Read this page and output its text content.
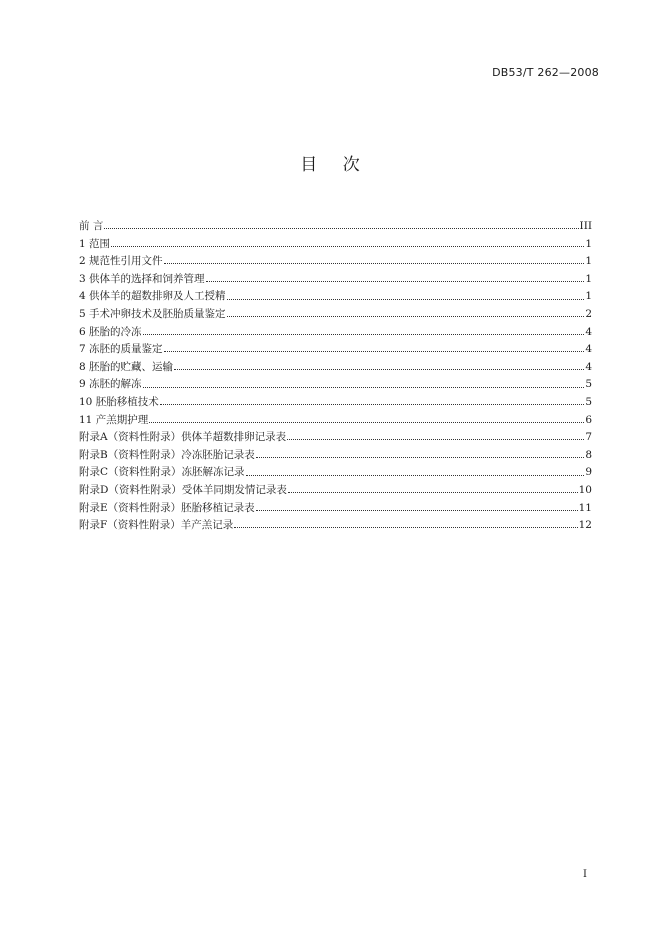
DB53/T 262—2008
目 次
前 言	III
1 范围	1
2 规范性引用文件	1
3 供体羊的选择和饲养管理	1
4 供体羊的超数排卵及人工授精	1
5 手术冲卵技术及胚胎质量鉴定	2
6 胚胎的冷冻	4
7 冻胚的质量鉴定	4
8 胚胎的贮藏、运输	4
9 冻胚的解冻	5
10 胚胎移植技术	5
11 产羔期护理	6
附录A（资料性附录）供体羊超数排卵记录表	7
附录B（资料性附录）冷冻胚胎记录表	8
附录C（资料性附录）冻胚解冻记录	9
附录D（资料性附录）受体羊同期发情记录表	10
附录E（资料性附录）胚胎移植记录表	11
附录F（资料性附录）羊产羔记录	12
I
